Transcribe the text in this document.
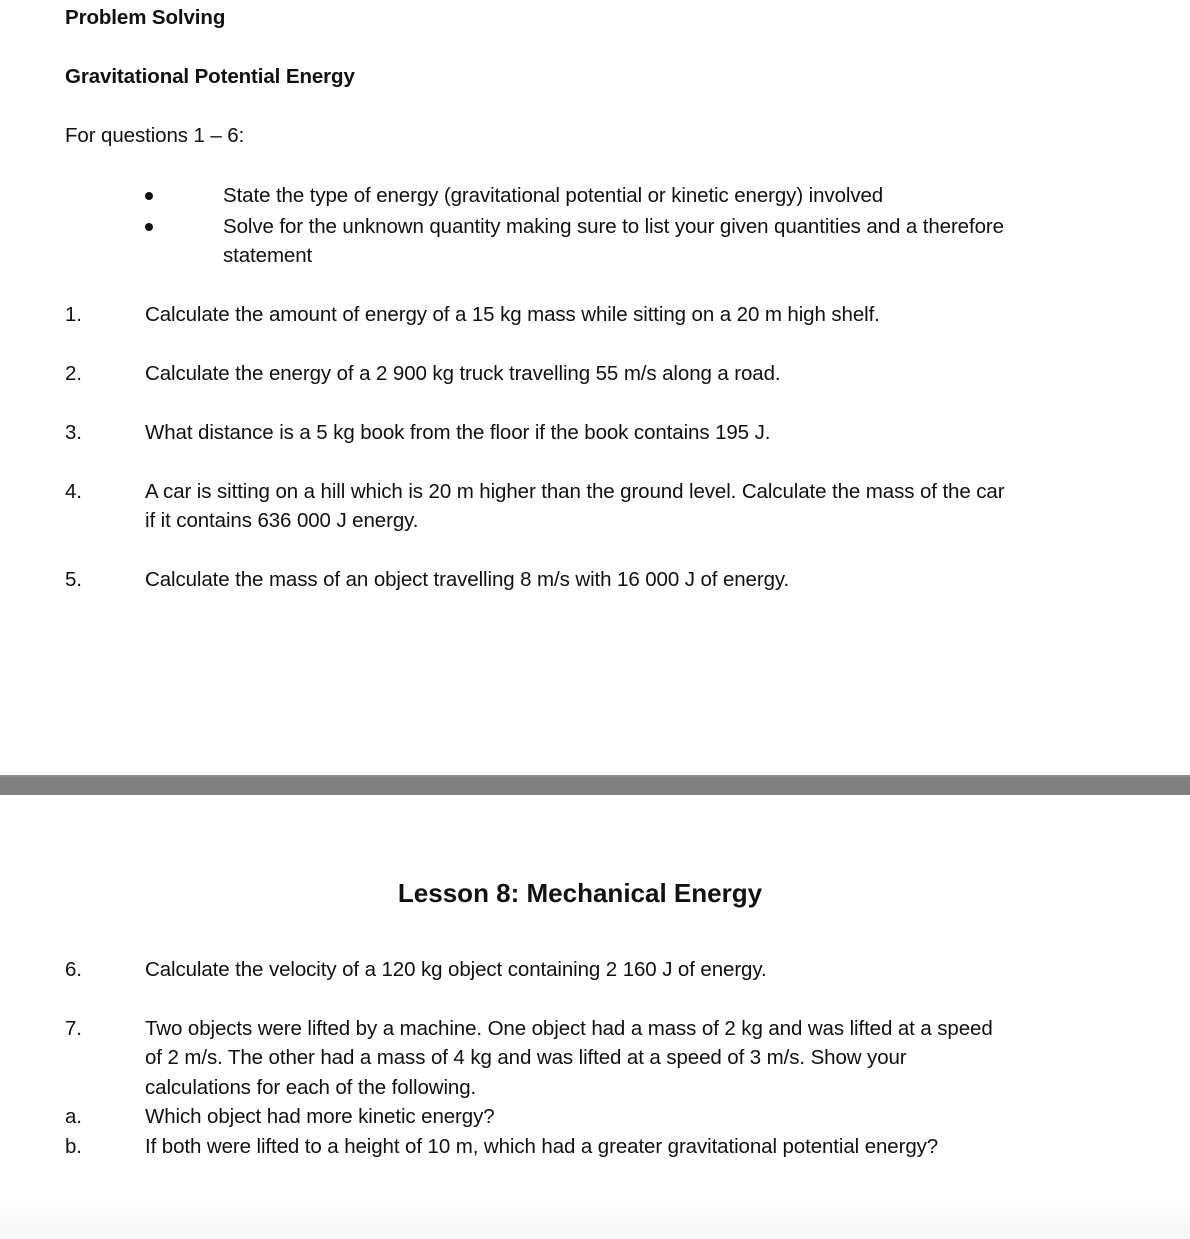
Problem Solving
Gravitational Potential Energy
For questions 1 – 6:
State the type of energy (gravitational potential or kinetic energy) involved
Solve for the unknown quantity making sure to list your given quantities and a therefore
statement
1.	Calculate the amount of energy of a 15 kg mass while sitting on a 20 m high shelf.
2.	Calculate the energy of a 2 900 kg truck travelling 55 m/s along a road.
3.	What distance is a 5 kg book from the floor if the book contains 195 J.
4.	A car is sitting on a hill which is 20 m higher than the ground level. Calculate the mass of the car
if it contains 636 000 J energy.
5.	Calculate the mass of an object travelling 8 m/s with 16 000 J of energy.
Lesson 8: Mechanical Energy
6.	Calculate the velocity of a 120 kg object containing 2 160 J of energy.
7.	Two objects were lifted by a machine. One object had a mass of 2 kg and was lifted at a speed
of 2 m/s. The other had a mass of 4 kg and was lifted at a speed of 3 m/s. Show your
calculations for each of the following.
a.	Which object had more kinetic energy?
b.	If both were lifted to a height of 10 m, which had a greater gravitational potential energy?
